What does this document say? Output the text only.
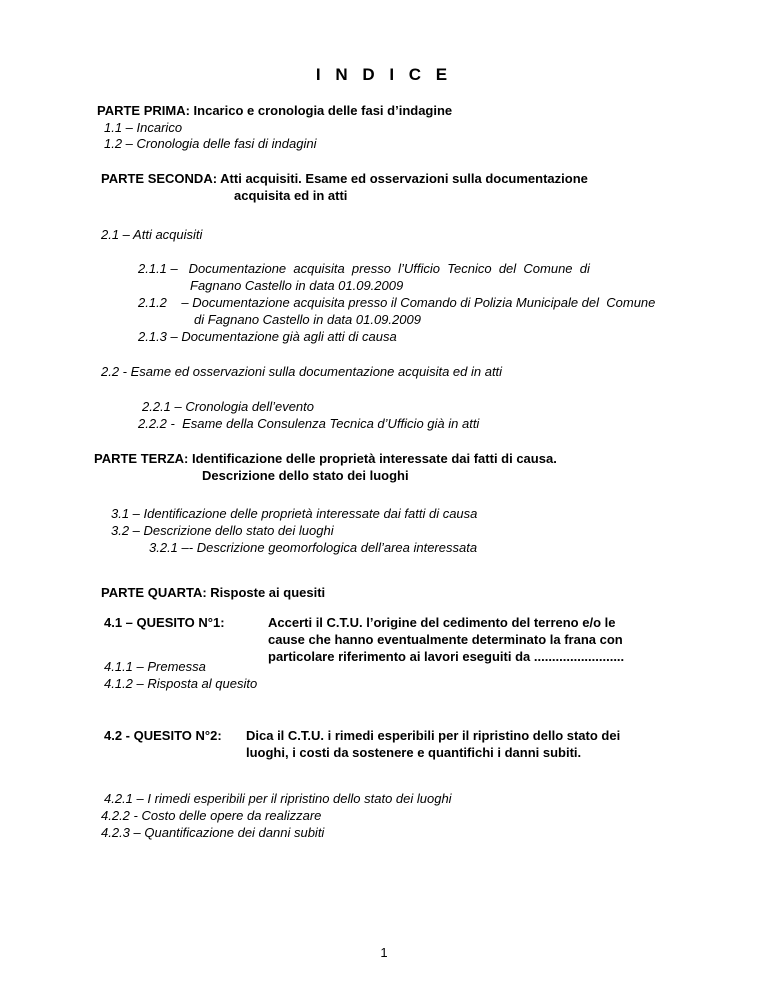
I N D I C E
PARTE PRIMA: Incarico e cronologia delle fasi d’indagine
1.1 – Incarico
1.2 – Cronologia delle fasi di indagini
PARTE SECONDA: Atti acquisiti. Esame ed osservazioni sulla documentazione
acquisita ed in atti
2.1 – Atti acquisiti
2.1.1 –   Documentazione  acquisita  presso  l’Ufficio  Tecnico  del  Comune  di
Fagnano Castello in data 01.09.2009
2.1.2    – Documentazione acquisita presso il Comando di Polizia Municipale del  Comune
di Fagnano Castello in data 01.09.2009
2.1.3 – Documentazione già agli atti di causa
2.2 - Esame ed osservazioni sulla documentazione acquisita ed in atti
2.2.1 – Cronologia dell’evento
2.2.2 -  Esame della Consulenza Tecnica d’Ufficio già in atti
PARTE TERZA: Identificazione delle proprietà interessate dai fatti di causa.
Descrizione dello stato dei luoghi
3.1 – Identificazione delle proprietà interessate dai fatti di causa
3.2 – Descrizione dello stato dei luoghi
3.2.1 –- Descrizione geomorfologica dell’area interessata
PARTE QUARTA: Risposte ai quesiti
4.1 – QUESITO N°1:	Accerti il C.T.U. l’origine del cedimento del terreno e/o le
cause che hanno eventualmente determinato la frana con
particolare riferimento ai lavori eseguiti da .........................
4.1.1 – Premessa
4.1.2 – Risposta al quesito
4.2 - QUESITO N°2: Dica il C.T.U. i rimedi esperibili per il ripristino dello stato dei
luoghi, i costi da sostenere e quantifichi i danni subiti.
4.2.1 – I rimedi esperibili per il ripristino dello stato dei luoghi
4.2.2 - Costo delle opere da realizzare
4.2.3 – Quantificazione dei danni subiti
1
